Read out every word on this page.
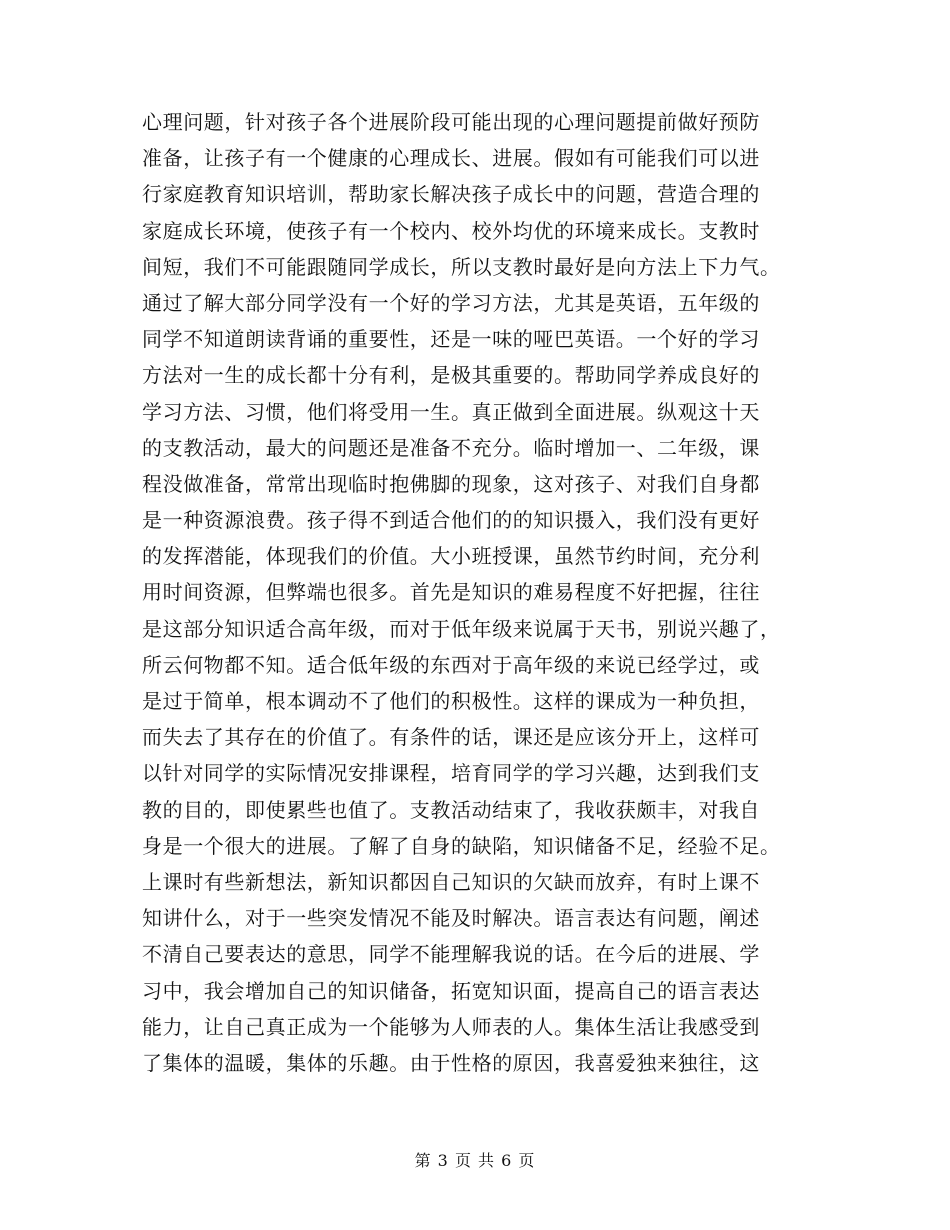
心理问题，针对孩子各个进展阶段可能出现的心理问题提前做好预防
准备，让孩子有一个健康的心理成长、进展。假如有可能我们可以进
行家庭教育知识培训，帮助家长解决孩子成长中的问题，营造合理的
家庭成长环境，使孩子有一个校内、校外均优的环境来成长。支教时
间短，我们不可能跟随同学成长，所以支教时最好是向方法上下力气。
通过了解大部分同学没有一个好的学习方法，尤其是英语，五年级的
同学不知道朗读背诵的重要性，还是一味的哑巴英语。一个好的学习
方法对一生的成长都十分有利，是极其重要的。帮助同学养成良好的
学习方法、习惯，他们将受用一生。真正做到全面进展。纵观这十天
的支教活动，最大的问题还是准备不充分。临时增加一、二年级，课
程没做准备，常常出现临时抱佛脚的现象，这对孩子、对我们自身都
是一种资源浪费。孩子得不到适合他们的的知识摄入，我们没有更好
的发挥潜能，体现我们的价值。大小班授课，虽然节约时间，充分利
用时间资源，但弊端也很多。首先是知识的难易程度不好把握，往往
是这部分知识适合高年级，而对于低年级来说属于天书，别说兴趣了，
所云何物都不知。适合低年级的东西对于高年级的来说已经学过，或
是过于简单，根本调动不了他们的积极性。这样的课成为一种负担，
而失去了其存在的价值了。有条件的话，课还是应该分开上，这样可
以针对同学的实际情况安排课程，培育同学的学习兴趣，达到我们支
教的目的，即使累些也值了。支教活动结束了，我收获颇丰，对我自
身是一个很大的进展。了解了自身的缺陷，知识储备不足，经验不足。
上课时有些新想法，新知识都因自己知识的欠缺而放弃，有时上课不
知讲什么，对于一些突发情况不能及时解决。语言表达有问题，阐述
不清自己要表达的意思，同学不能理解我说的话。在今后的进展、学
习中，我会增加自己的知识储备，拓宽知识面，提高自己的语言表达
能力，让自己真正成为一个能够为人师表的人。集体生活让我感受到
了集体的温暖，集体的乐趣。由于性格的原因，我喜爱独来独往，这
第 3 页 共 6 页
